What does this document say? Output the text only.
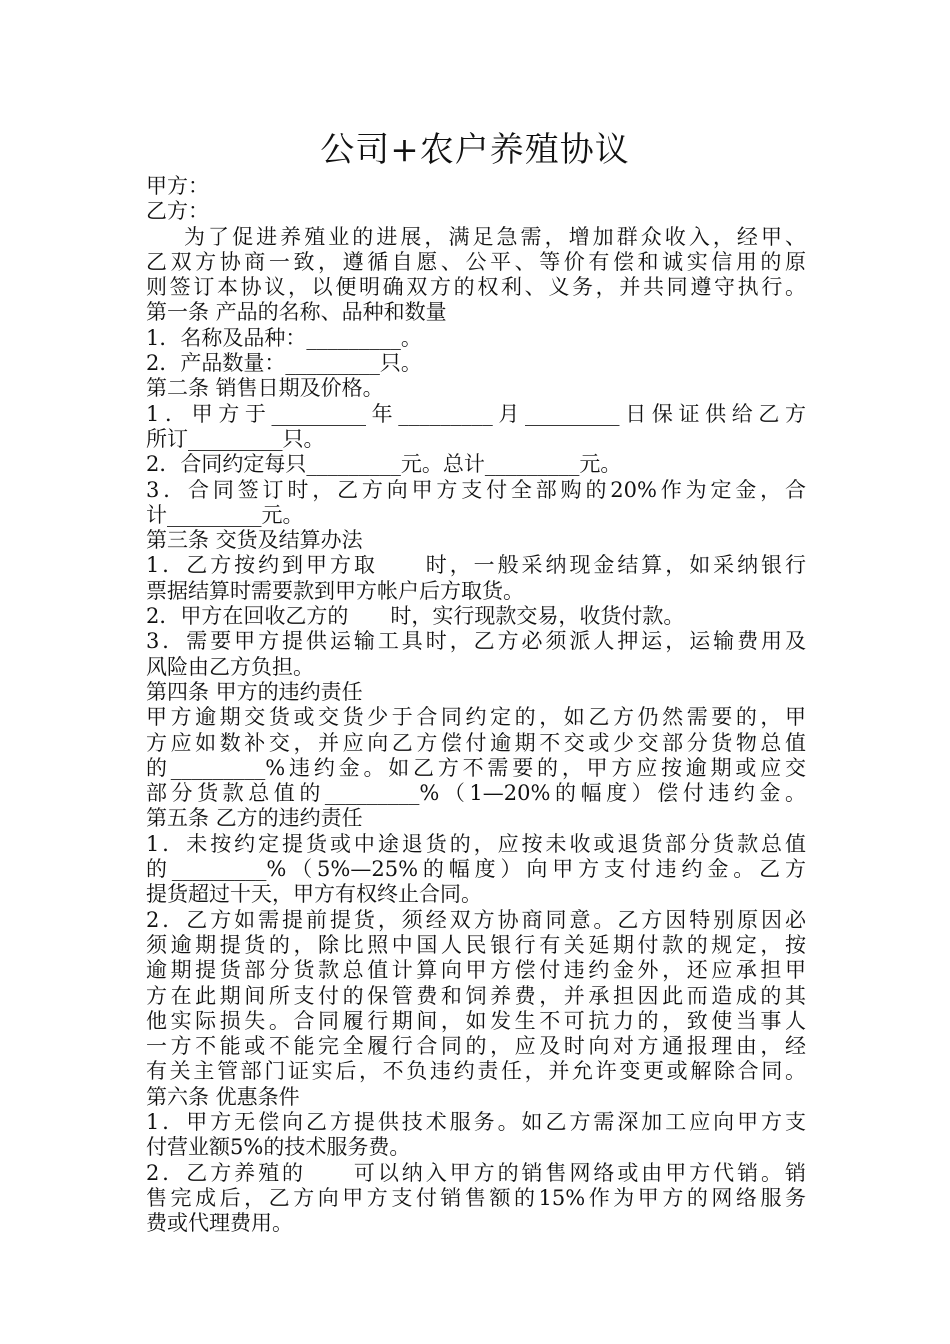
公司+农户养殖协议
甲方：
乙方：
为了促进养殖业的进展，满足急需，增加群众收入，经甲、
乙双方协商一致，遵循自愿、公平、等价有偿和诚实信用的原
则签订本协议，以便明确双方的权利、义务，并共同遵守执行。
第一条 产品的名称、品种和数量
1．名称及品种：_________。
2．产品数量：_________只。
第二条 销售日期及价格。
1．甲方于_________年_________月_________日保证供给乙方
所订_________只。
2．合同约定每只_________元。总计_________元。
3．合同签订时，乙方向甲方支付全部购的20%作为定金，合
计_________元。
第三条 交货及结算办法
1．乙方按约到甲方取　　时，一般采纳现金结算，如采纳银行
票据结算时需要款到甲方帐户后方取货。
2．甲方在回收乙方的　　时，实行现款交易，收货付款。
3．需要甲方提供运输工具时，乙方必须派人押运，运输费用及
风险由乙方负担。
第四条 甲方的违约责任
甲方逾期交货或交货少于合同约定的，如乙方仍然需要的，甲
方应如数补交，并应向乙方偿付逾期不交或少交部分货物总值
的_________%违约金。如乙方不需要的，甲方应按逾期或应交
部分货款总值的_________%（1—20%的幅度）偿付违约金。
第五条 乙方的违约责任
1．未按约定提货或中途退货的，应按未收或退货部分货款总值
的_________%（5%—25%的幅度）向甲方支付违约金。乙方
提货超过十天，甲方有权终止合同。
2．乙方如需提前提货，须经双方协商同意。乙方因特别原因必
须逾期提货的，除比照中国人民银行有关延期付款的规定，按
逾期提货部分货款总值计算向甲方偿付违约金外，还应承担甲
方在此期间所支付的保管费和饲养费，并承担因此而造成的其
他实际损失。合同履行期间，如发生不可抗力的，致使当事人
一方不能或不能完全履行合同的，应及时向对方通报理由，经
有关主管部门证实后，不负违约责任，并允许变更或解除合同。
第六条 优惠条件
1．甲方无偿向乙方提供技术服务。如乙方需深加工应向甲方支
付营业额5%的技术服务费。
2．乙方养殖的　　可以纳入甲方的销售网络或由甲方代销。销
售完成后，乙方向甲方支付销售额的15%作为甲方的网络服务
费或代理费用。
